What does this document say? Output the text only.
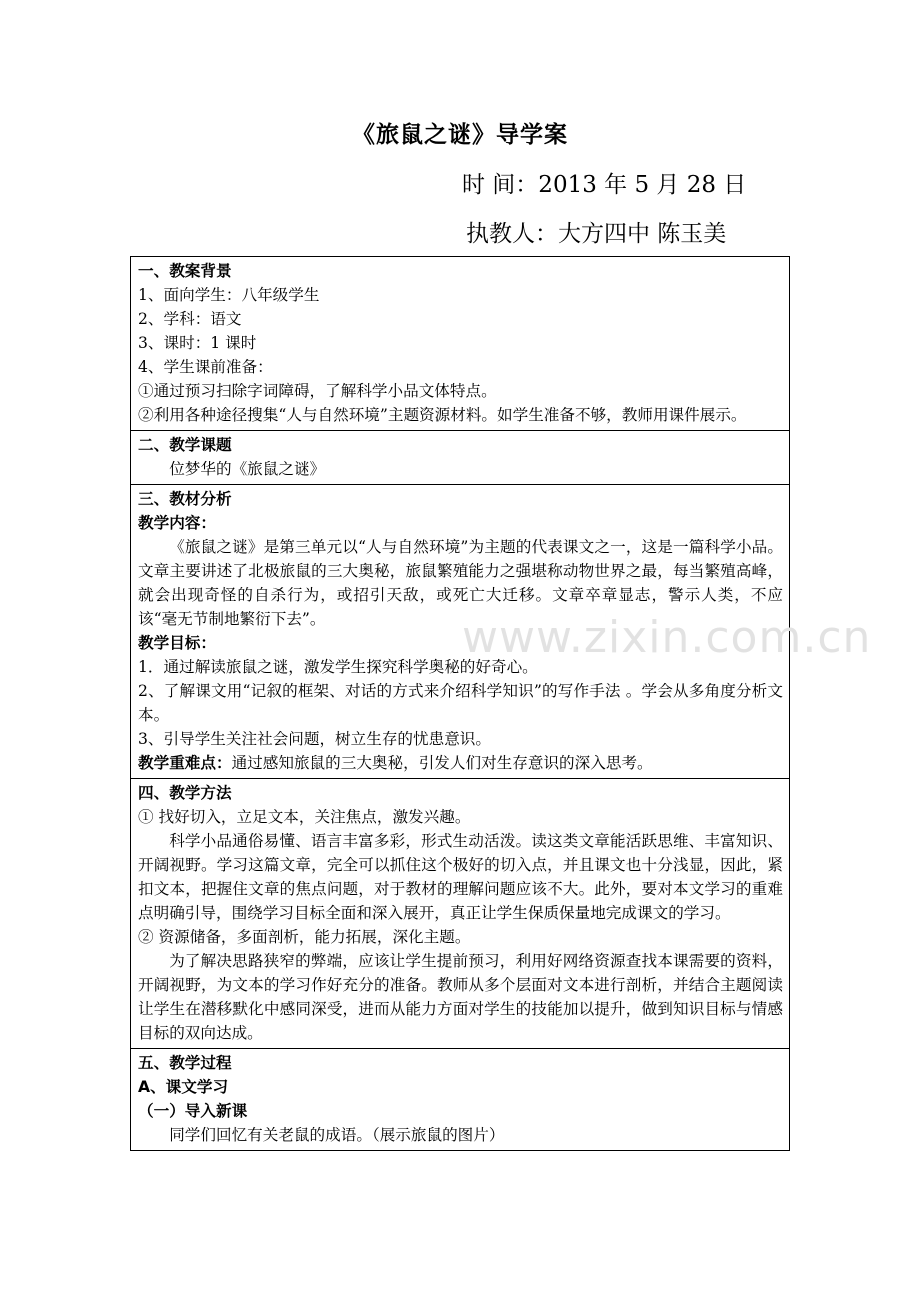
《旅鼠之谜》导学案
时 间：2013 年 5 月 28 日
执教人：大方四中 陈玉美
一、教案背景
1、面向学生：八年级学生
2、学科：语文
3、课时：1 课时
4、学生课前准备：
①通过预习扫除字词障碍，了解科学小品文体特点。
②利用各种途径搜集“人与自然环境”主题资源材料。如学生准备不够，教师用课件展示。

二、教学课题
位梦华的《旅鼠之谜》

三、教材分析
教学内容：

《旅鼠之谜》是第三单元以“人与自然环境”为主题的代表课文之一，这是一篇科学小品。文章主要讲述了北极旅鼠的三大奥秘，旅鼠繁殖能力之强堪称动物世界之最，每当繁殖高峰，就会出现奇怪的自杀行为，或招引天敌，或死亡大迁移。文章卒章显志，警示人类，不应该“毫无节制地繁衍下去”。

教学目标：
1．通过解读旅鼠之谜，激发学生探究科学奥秘的好奇心。
2、了解课文用“记叙的框架、对话的方式来介绍科学知识”的写作手法 。学会从多角度分析文本。
3、引导学生关注社会问题，树立生存的忧患意识。
教学重难点：通过感知旅鼠的三大奥秘，引发人们对生存意识的深入思考。

四、教学方法
① 找好切入，立足文本，关注焦点，激发兴趣。

科学小品通俗易懂、语言丰富多彩，形式生动活泼。读这类文章能活跃思维、丰富知识、开阔视野。学习这篇文章，完全可以抓住这个极好的切入点，并且课文也十分浅显，因此，紧扣文本，把握住文章的焦点问题，对于教材的理解问题应该不大。此外，要对本文学习的重难点明确引导，围绕学习目标全面和深入展开，真正让学生保质保量地完成课文的学习。

② 资源储备，多面剖析，能力拓展，深化主题。

为了解决思路狭窄的弊端，应该让学生提前预习，利用好网络资源查找本课需要的资料，开阔视野，为文本的学习作好充分的准备。教师从多个层面对文本进行剖析，并结合主题阅读让学生在潜移默化中感同深受，进而从能力方面对学生的技能加以提升，做到知识目标与情感目标的双向达成。

五、教学过程
A、课文学习
（一）导入新课
同学们回忆有关老鼠的成语。（展示旅鼠的图片）
www.zixin.com.cn
